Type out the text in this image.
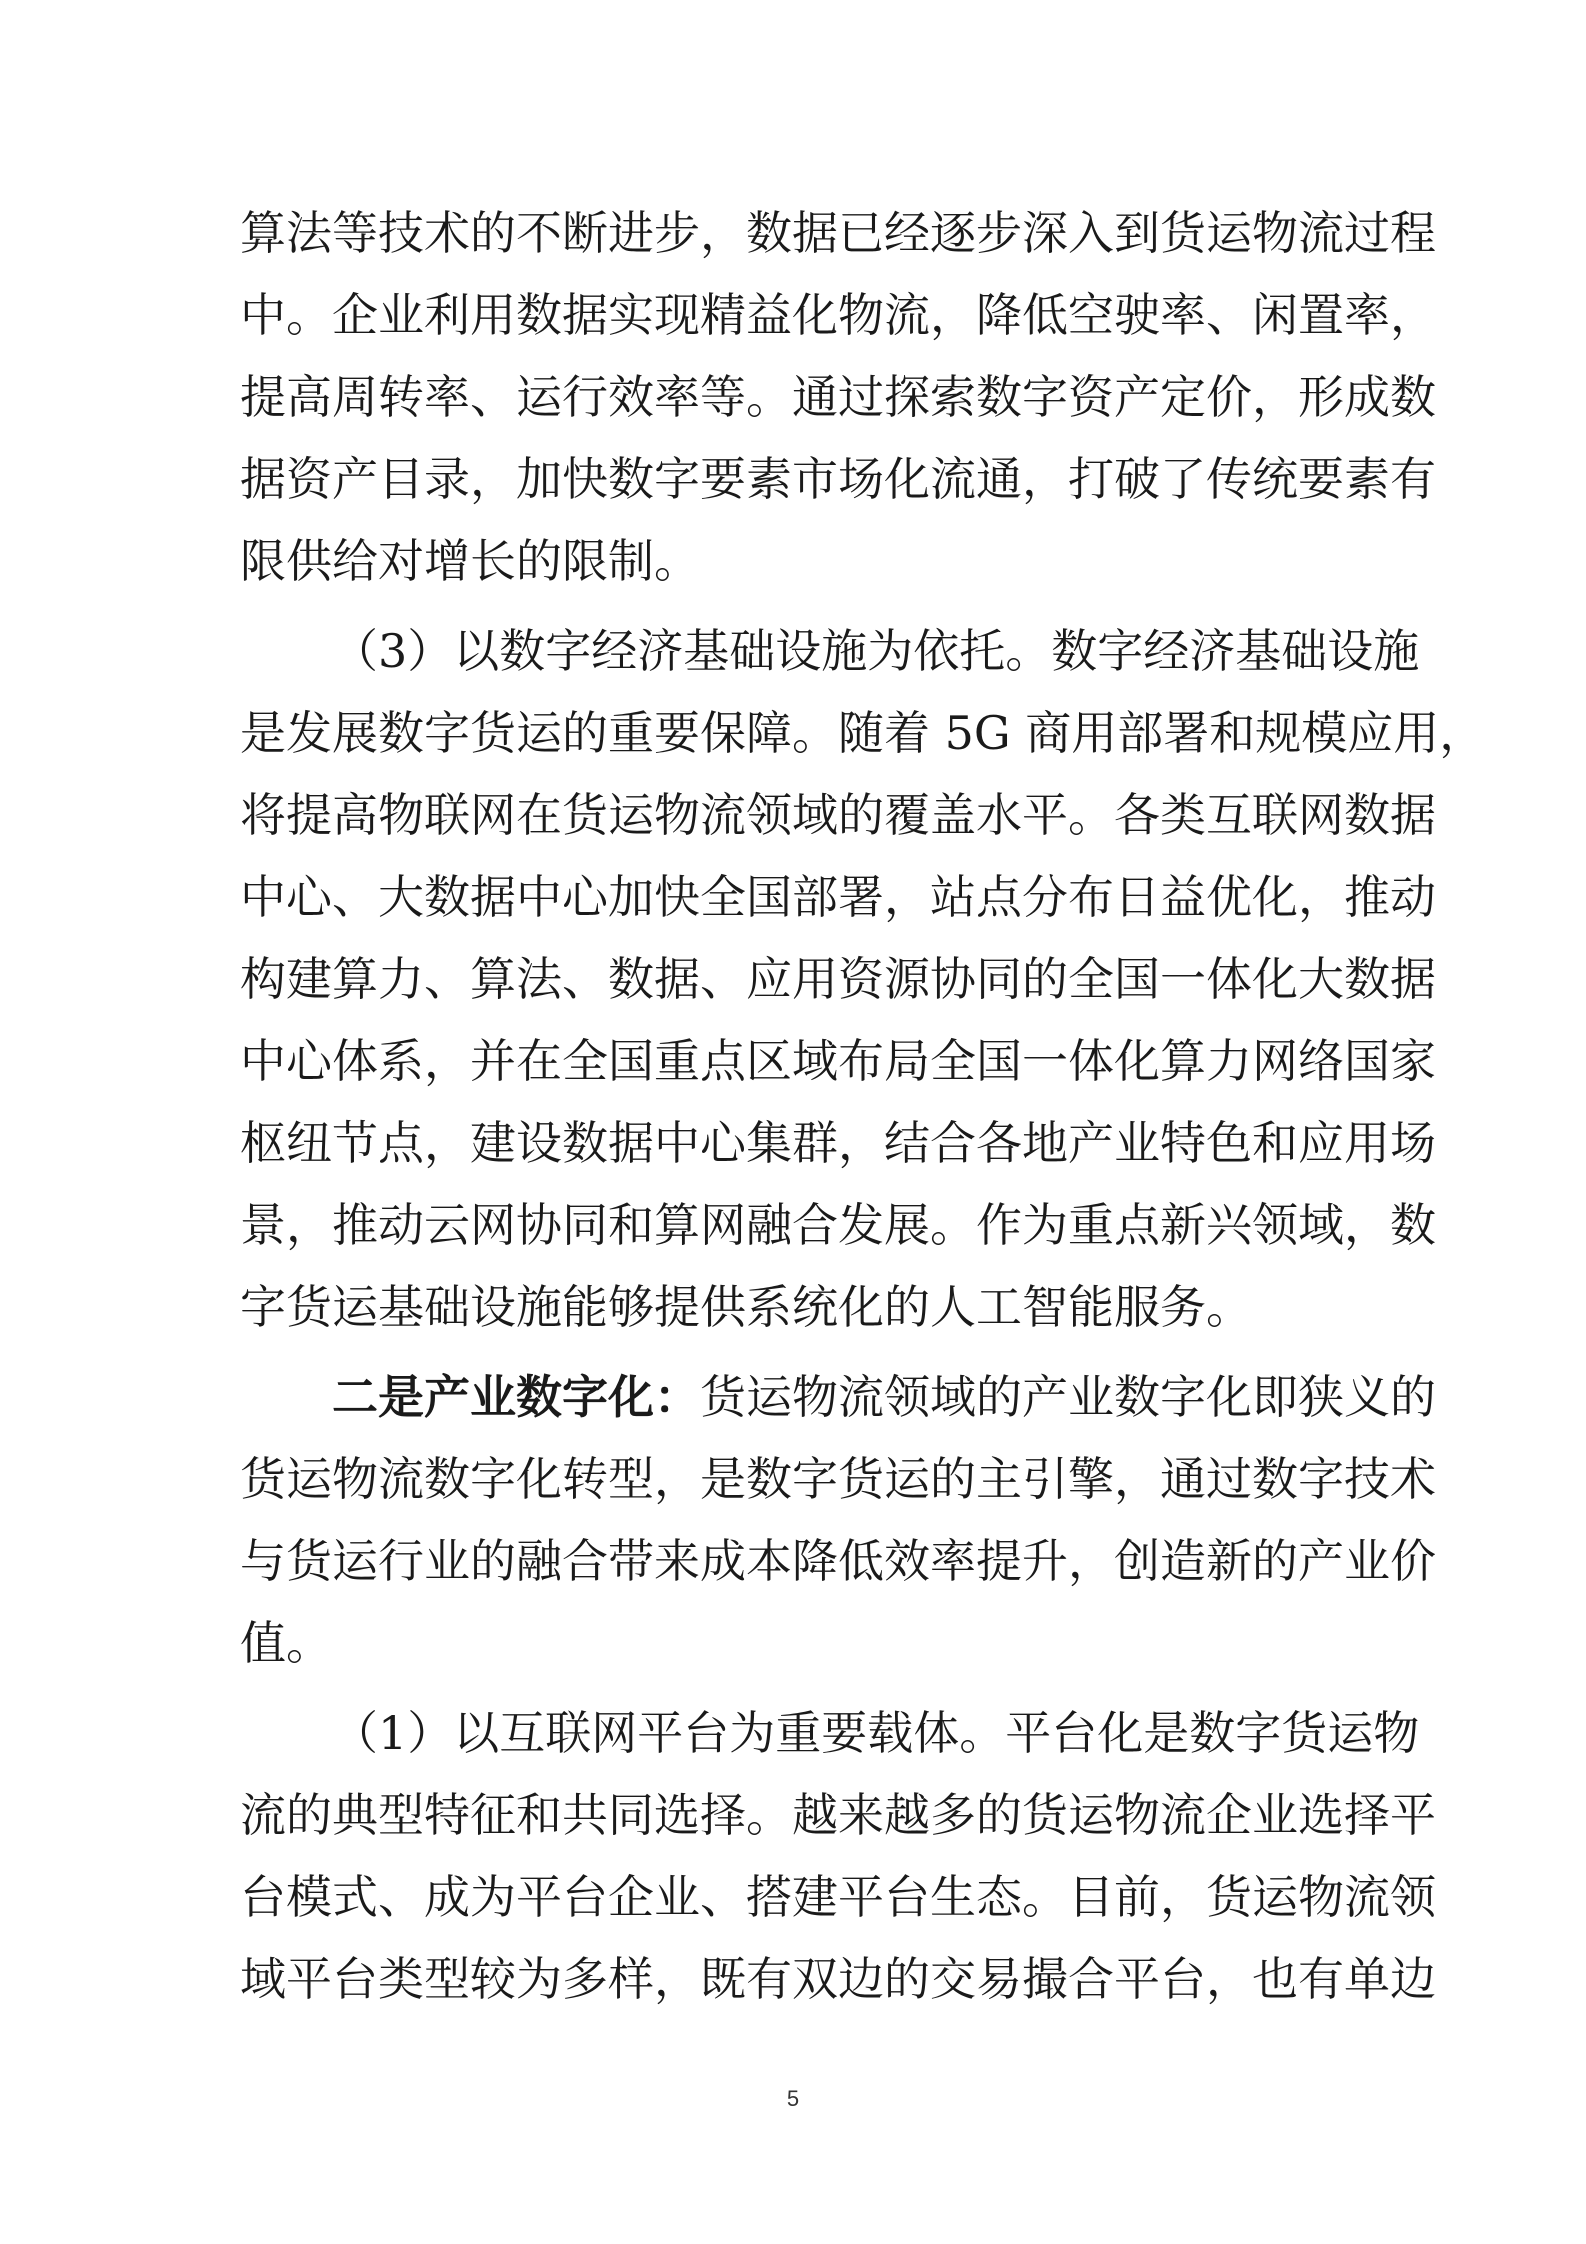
算法等技术的不断进步，数据已经逐步深入到货运物流过程
中。企业利用数据实现精益化物流，降低空驶率、闲置率，
提高周转率、运行效率等。通过探索数字资产定价，形成数
据资产目录，加快数字要素市场化流通，打破了传统要素有
限供给对增长的限制。
（3）以数字经济基础设施为依托。数字经济基础设施
是发展数字货运的重要保障。随着 5G 商用部署和规模应用，
将提高物联网在货运物流领域的覆盖水平。各类互联网数据
中心、大数据中心加快全国部署，站点分布日益优化，推动
构建算力、算法、数据、应用资源协同的全国一体化大数据
中心体系，并在全国重点区域布局全国一体化算力网络国家
枢纽节点，建设数据中心集群，结合各地产业特色和应用场
景，推动云网协同和算网融合发展。作为重点新兴领域，数
字货运基础设施能够提供系统化的人工智能服务。
二是产业数字化：货运物流领域的产业数字化即狭义的
货运物流数字化转型，是数字货运的主引擎，通过数字技术
与货运行业的融合带来成本降低效率提升，创造新的产业价
值。
（1）以互联网平台为重要载体。平台化是数字货运物
流的典型特征和共同选择。越来越多的货运物流企业选择平
台模式、成为平台企业、搭建平台生态。目前，货运物流领
域平台类型较为多样，既有双边的交易撮合平台，也有单边
5
